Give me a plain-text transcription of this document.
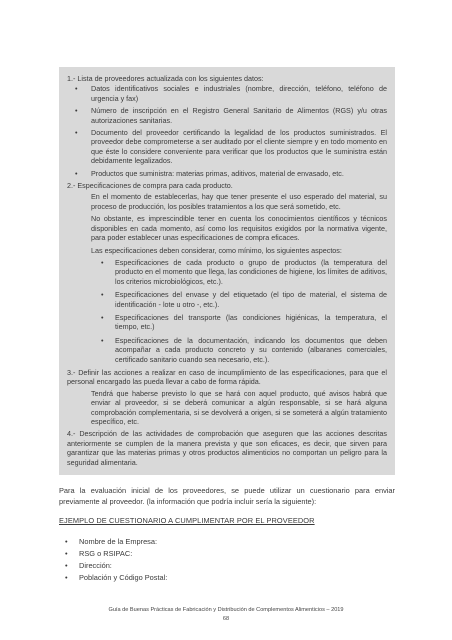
1.- Lista de proveedores actualizada con los siguientes datos:

• Datos identificativos sociales e industriales (nombre, dirección, teléfono, teléfono de urgencia y fax)
• Número de inscripción en el Registro General Sanitario de Alimentos (RGS) y/u otras autorizaciones sanitarias.
• Documento del proveedor certificando la legalidad de los productos suministrados. El proveedor debe comprometerse a ser auditado por el cliente siempre y en todo momento en que éste lo considere conveniente para verificar que los productos que le suministra están debidamente legalizados.
• Productos que suministra: materias primas, aditivos, material de envasado, etc.

2.- Especificaciones de compra para cada producto.

En el momento de establecerlas, hay que tener presente el uso esperado del material, su proceso de producción, los posibles tratamientos a los que será sometido, etc.

No obstante, es imprescindible tener en cuenta los conocimientos científicos y técnicos disponibles en cada momento, así como los requisitos exigidos por la normativa vigente, para poder establecer unas especificaciones de compra eficaces.

Las especificaciones deben considerar, como mínimo, los siguientes aspectos:

• Especificaciones de cada producto o grupo de productos (la temperatura del producto en el momento que llega, las condiciones de higiene, los límites de aditivos, los criterios microbiológicos, etc.).
• Especificaciones del envase y del etiquetado (el tipo de material, el sistema de identificación - lote u otro -, etc.).
• Especificaciones del transporte (las condiciones higiénicas, la temperatura, el tiempo, etc.)
• Especificaciones de la documentación, indicando los documentos que deben acompañar a cada producto concreto y su contenido (albaranes comerciales, certificado sanitario cuando sea necesario, etc.).

3.- Definir las acciones a realizar en caso de incumplimiento de las especificaciones, para que el personal encargado las pueda llevar a cabo de forma rápida.

Tendrá que haberse previsto lo que se hará con aquel producto, qué avisos habrá que enviar al proveedor, si se deberá comunicar a algún responsable, si se hará alguna comprobación complementaria, si se devolverá a origen, si se someterá a algún tratamiento específico, etc.

4.- Descripción de las actividades de comprobación que aseguren que las acciones descritas anteriormente se cumplen de la manera prevista y que son eficaces, es decir, que sirven para garantizar que las materias primas y otros productos alimenticios no comportan un peligro para la seguridad alimentaria.

Para la evaluación inicial de los proveedores, se puede utilizar un cuestionario para enviar previamente al proveedor. (la información que podría incluir sería la siguiente):

EJEMPLO DE CUESTIONARIO A CUMPLIMENTAR POR EL PROVEEDOR

• Nombre de la Empresa:
• RSG o RSIPAC:
• Dirección:
• Población y Código Postal:
Guía de Buenas Prácticas de Fabricación y Distribución de Complementos Alimenticios – 2019
68
